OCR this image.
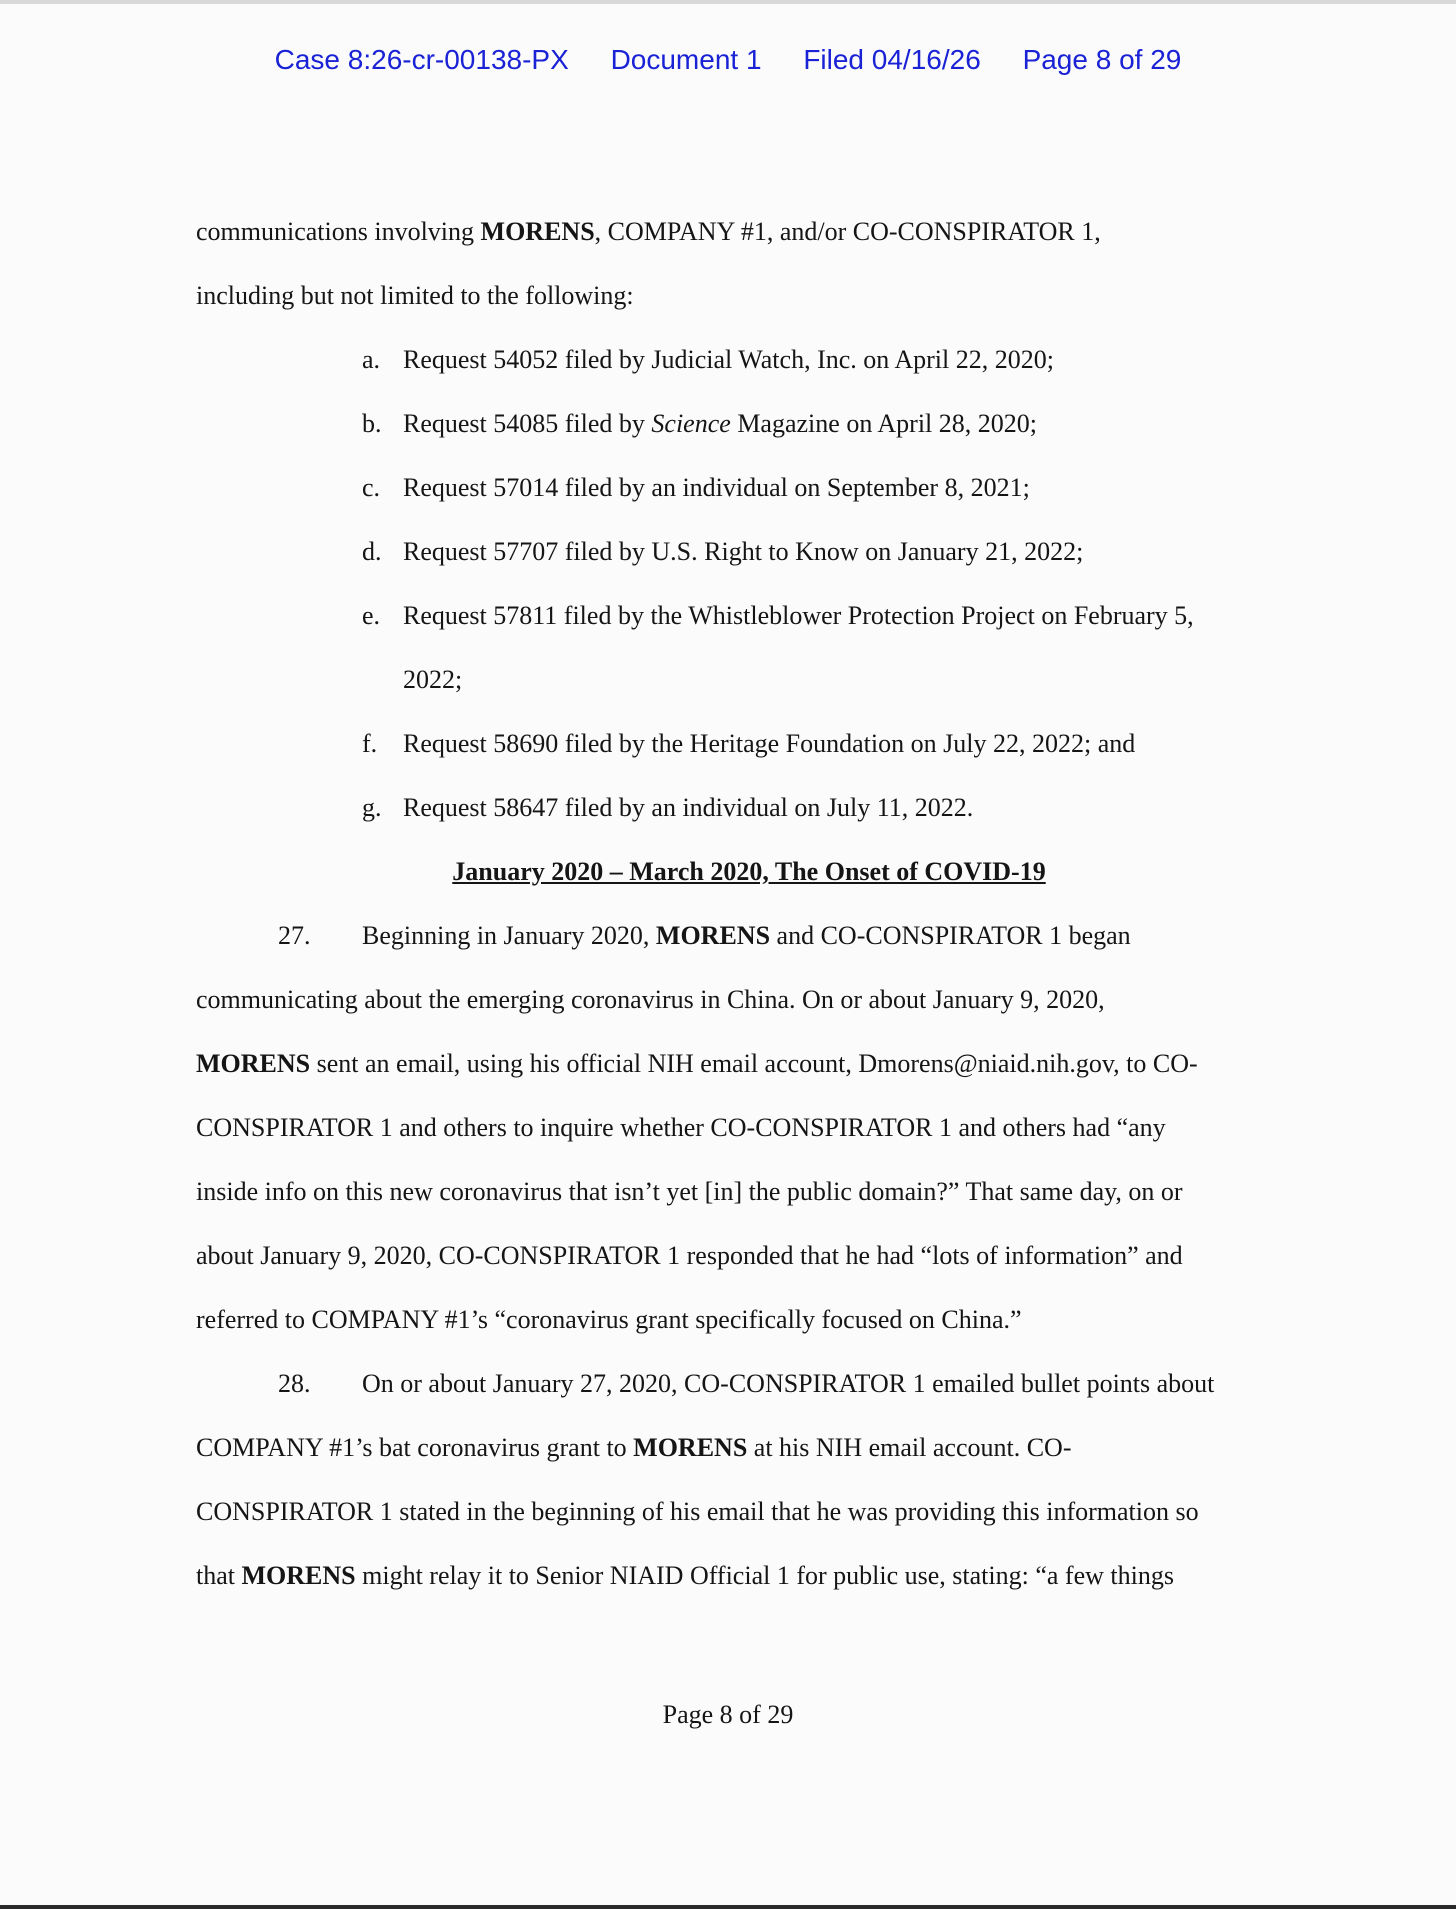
Case 8:26-cr-00138-PX Document 1 Filed 04/16/26 Page 8 of 29
communications involving MORENS, COMPANY #1, and/or CO-CONSPIRATOR 1,
including but not limited to the following:
a. Request 54052 filed by Judicial Watch, Inc. on April 22, 2020;
b. Request 54085 filed by Science Magazine on April 28, 2020;
c. Request 57014 filed by an individual on September 8, 2021;
d. Request 57707 filed by U.S. Right to Know on January 21, 2022;
e. Request 57811 filed by the Whistleblower Protection Project on February 5,
2022;
f. Request 58690 filed by the Heritage Foundation on July 22, 2022; and
g. Request 58647 filed by an individual on July 11, 2022.
January 2020 – March 2020, The Onset of COVID-19
27. Beginning in January 2020, MORENS and CO-CONSPIRATOR 1 began
communicating about the emerging coronavirus in China. On or about January 9, 2020,
MORENS sent an email, using his official NIH email account, Dmorens@niaid.nih.gov, to CO-
CONSPIRATOR 1 and others to inquire whether CO-CONSPIRATOR 1 and others had “any
inside info on this new coronavirus that isn’t yet [in] the public domain?” That same day, on or
about January 9, 2020, CO-CONSPIRATOR 1 responded that he had “lots of information” and
referred to COMPANY #1’s “coronavirus grant specifically focused on China.”
28. On or about January 27, 2020, CO-CONSPIRATOR 1 emailed bullet points about
COMPANY #1’s bat coronavirus grant to MORENS at his NIH email account. CO-
CONSPIRATOR 1 stated in the beginning of his email that he was providing this information so
that MORENS might relay it to Senior NIAID Official 1 for public use, stating: “a few things
Page 8 of 29
